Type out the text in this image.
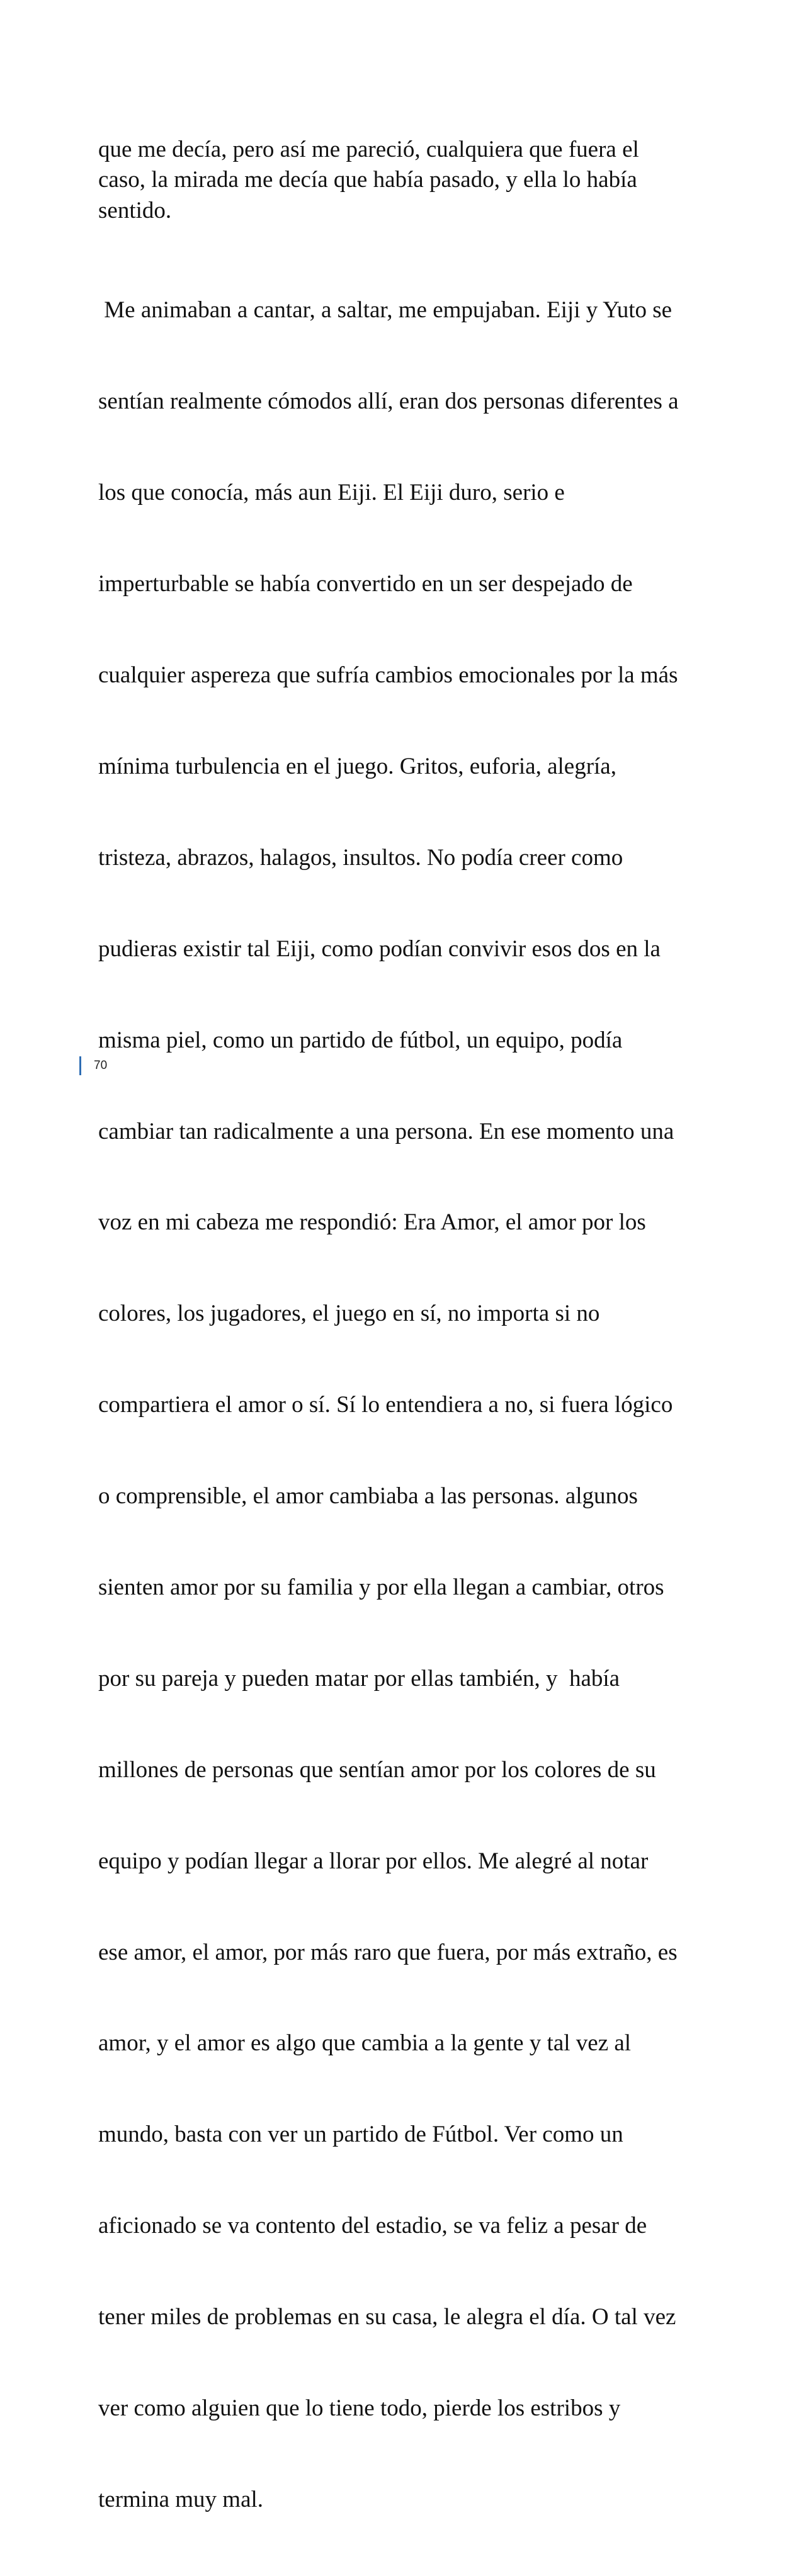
que me decía, pero así me pareció, cualquiera que fuera el
caso, la mirada me decía que había pasado, y ella lo había
sentido.

Me animaban a cantar, a saltar, me empujaban. Eiji y Yuto se

sentían realmente cómodos allí, eran dos personas diferentes a

los que conocía, más aun Eiji. El Eiji duro, serio e

imperturbable se había convertido en un ser despejado de

cualquier aspereza que sufría cambios emocionales por la más

mínima turbulencia en el juego. Gritos, euforia, alegría,

tristeza, abrazos, halagos, insultos. No podía creer como

pudieras existir tal Eiji, como podían convivir esos dos en la

misma piel, como un partido de fútbol, un equipo, podía

cambiar tan radicalmente a una persona. En ese momento una

voz en mi cabeza me respondió: Era Amor, el amor por los

colores, los jugadores, el juego en sí, no importa si no

compartiera el amor o sí. Sí lo entendiera a no, si fuera lógico

o comprensible, el amor cambiaba a las personas. algunos

sienten amor por su familia y por ella llegan a cambiar, otros

por su pareja y pueden matar por ellas también, y  había

millones de personas que sentían amor por los colores de su

equipo y podían llegar a llorar por ellos. Me alegré al notar

ese amor, el amor, por más raro que fuera, por más extraño, es

amor, y el amor es algo que cambia a la gente y tal vez al

mundo, basta con ver un partido de Fútbol. Ver como un

aficionado se va contento del estadio, se va feliz a pesar de

tener miles de problemas en su casa, le alegra el día. O tal vez

ver como alguien que lo tiene todo, pierde los estribos y

termina muy mal.

70
